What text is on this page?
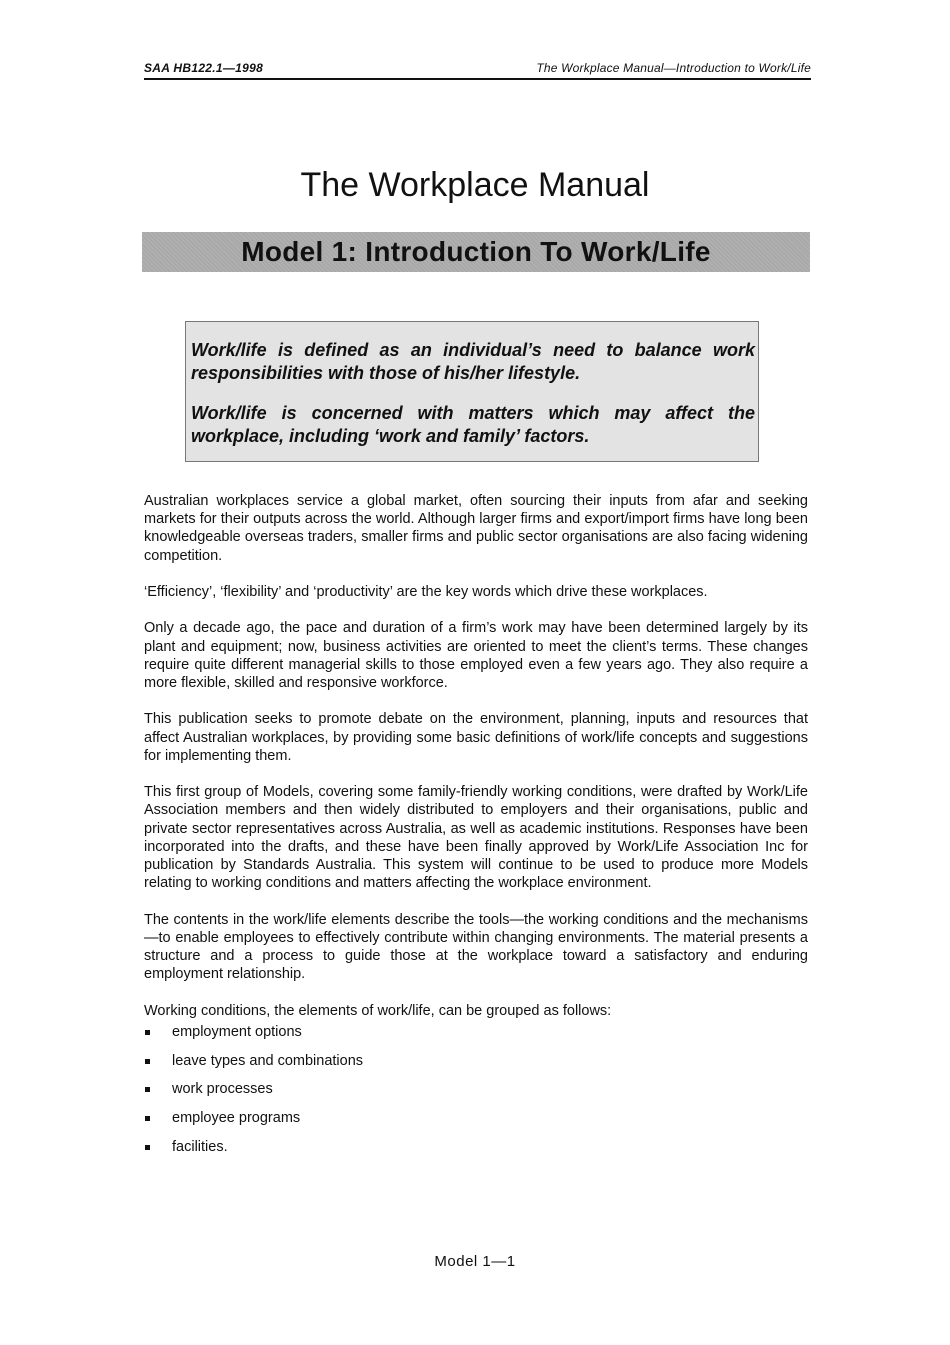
SAA HB122.1—1998	The Workplace Manual—Introduction to Work/Life
The Workplace Manual
Model 1: Introduction To Work/Life

Work/life is defined as an individual’s need to balance work responsibilities with those of his/her lifestyle.

Work/life is concerned with matters which may affect the workplace, including ‘work and family’ factors.

Australian workplaces service a global market, often sourcing their inputs from afar and seeking markets for their outputs across the world. Although larger firms and export/import firms have long been knowledgeable overseas traders, smaller firms and public sector organisations are also facing widening competition.

‘Efficiency’, ‘flexibility’ and ‘productivity’ are the key words which drive these workplaces.

Only a decade ago, the pace and duration of a firm’s work may have been determined largely by its plant and equipment; now, business activities are oriented to meet the client’s terms. These changes require quite different managerial skills to those employed even a few years ago. They also require a more flexible, skilled and responsive workforce.

This publication seeks to promote debate on the environment, planning, inputs and resources that affect Australian workplaces, by providing some basic definitions of work/life concepts and suggestions for implementing them.

This first group of Models, covering some family-friendly working conditions, were drafted by Work/Life Association members and then widely distributed to employers and their organisations, public and private sector representatives across Australia, as well as academic institutions. Responses have been incorporated into the drafts, and these have been finally approved by Work/Life Association Inc for publication by Standards Australia. This system will continue to be used to produce more Models relating to working conditions and matters affecting the workplace environment.

The contents in the work/life elements describe the tools—the working conditions and the mechanisms—to enable employees to effectively contribute within changing environments. The material presents a structure and a process to guide those at the workplace toward a satisfactory and enduring employment relationship.

Working conditions, the elements of work/life, can be grouped as follows:

employment options
leave types and combinations
work processes
employee programs
facilities.
Model 1—1
